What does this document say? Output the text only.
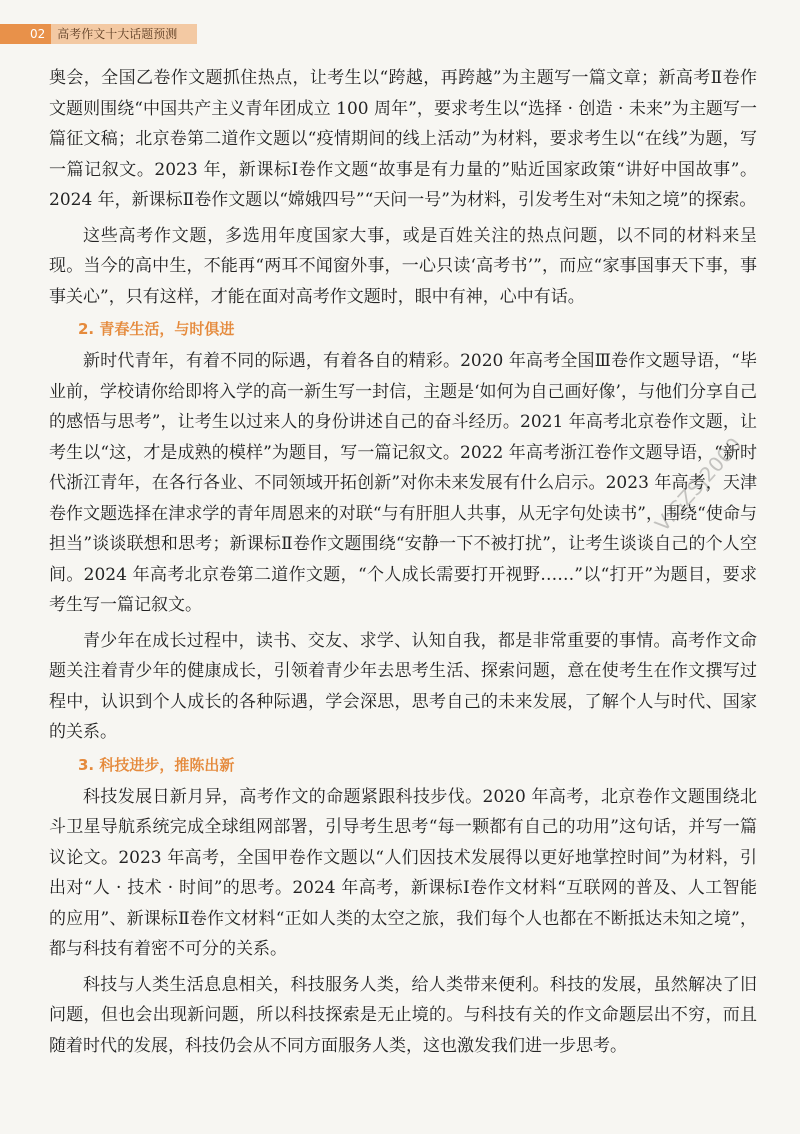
02	高考作文十大话题预测

奥会，全国乙卷作文题抓住热点，让考生以“跨越，再跨越”为主题写一篇文章；新高考Ⅱ卷作文题则围绕“中国共产主义青年团成立 100 周年”，要求考生以“选择 · 创造 · 未来”为主题写一篇征文稿；北京卷第二道作文题以“疫情期间的线上活动”为材料，要求考生以“在线”为题，写一篇记叙文。2023 年，新课标Ⅰ卷作文题“故事是有力量的”贴近国家政策“讲好中国故事”。2024 年，新课标Ⅱ卷作文题以“嫦娥四号”“天问一号”为材料，引发考生对“未知之境”的探索。

这些高考作文题，多选用年度国家大事，或是百姓关注的热点问题，以不同的材料来呈现。当今的高中生，不能再“两耳不闻窗外事，一心只读‘高考书’”，而应“家事国事天下事，事事关心”，只有这样，才能在面对高考作文题时，眼中有神，心中有话。

2. 青春生活，与时俱进

新时代青年，有着不同的际遇，有着各自的精彩。2020 年高考全国Ⅲ卷作文题导语，“毕业前，学校请你给即将入学的高一新生写一封信，主题是‘如何为自己画好像’，与他们分享自己的感悟与思考”，让考生以过来人的身份讲述自己的奋斗经历。2021 年高考北京卷作文题，让考生以“这，才是成熟的模样”为题目，写一篇记叙文。2022 年高考浙江卷作文题导语，“新时代浙江青年，在各行各业、不同领域开拓创新”对你未来发展有什么启示。2023 年高考，天津卷作文题选择在津求学的青年周恩来的对联“与有肝胆人共事，从无字句处读书”，围绕“使命与担当”谈谈联想和思考；新课标Ⅱ卷作文题围绕“安静一下不被打扰”，让考生谈谈自己的个人空间。2024 年高考北京卷第二道作文题，“个人成长需要打开视野……”以“打开”为题目，要求考生写一篇记叙文。

青少年在成长过程中，读书、交友、求学、认知自我，都是非常重要的事情。高考作文命题关注着青少年的健康成长，引领着青少年去思考生活、探索问题，意在使考生在作文撰写过程中，认识到个人成长的各种际遇，学会深思，思考自己的未来发展，了解个人与时代、国家的关系。

3. 科技进步，推陈出新

科技发展日新月异，高考作文的命题紧跟科技步伐。2020 年高考，北京卷作文题围绕北斗卫星导航系统完成全球组网部署，引导考生思考“每一颗都有自己的功用”这句话，并写一篇议论文。2023 年高考，全国甲卷作文题以“人们因技术发展得以更好地掌控时间”为材料，引出对“人 · 技术 · 时间”的思考。2024 年高考，新课标Ⅰ卷作文材料“互联网的普及、人工智能的应用”、新课标Ⅱ卷作文材料“正如人类的太空之旅，我们每个人也都在不断抵达未知之境”，都与科技有着密不可分的关系。

科技与人类生活息息相关，科技服务人类，给人类带来便利。科技的发展，虽然解决了旧问题，但也会出现新问题，所以科技探索是无止境的。与科技有关的作文命题层出不穷，而且随着时代的发展，科技仍会从不同方面服务人类，这也激发我们进一步思考。

V:GZSJ2000
